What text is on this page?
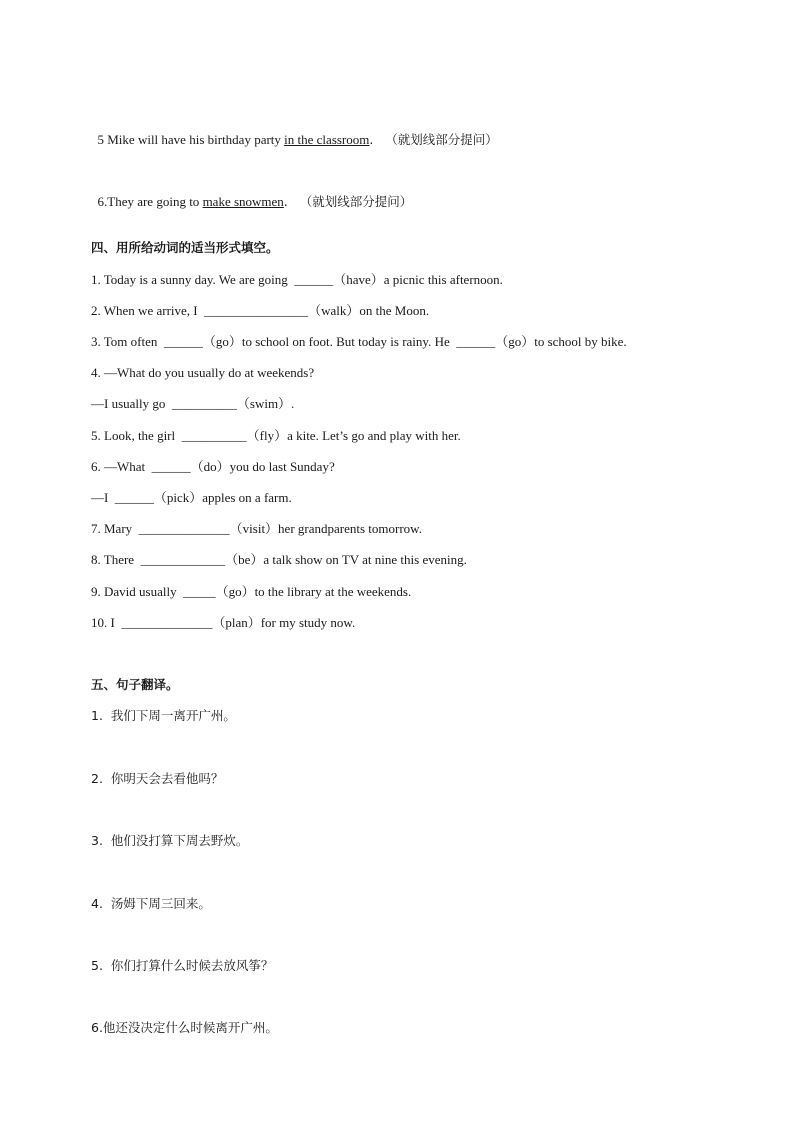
5 Mike will have his birthday party in the classroom.   （就划线部分提问）

6.They are going to make snowmen.   （就划线部分提问）

四、用所给动词的适当形式填空。
1. Today is a sunny day. We are going  ______（have）a picnic this afternoon.
2. When we arrive, I  ________________（walk）on the Moon.
3. Tom often  ______（go）to school on foot. But today is rainy. He  ______（go）to school by bike.
4. —What do you usually do at weekends?
—I usually go  __________（swim）.
5. Look, the girl  __________（fly）a kite. Let’s go and play with her.
6. —What  ______（do）you do last Sunday?
—I  ______（pick）apples on a farm.
7. Mary  ______________（visit）her grandparents tomorrow.
8. There  _____________（be）a talk show on TV at nine this evening.
9. David usually  _____（go）to the library at the weekends.
10. I  ______________（plan）for my study now.
五、句子翻译。
1.  我们下周一离开广州。
2.  你明天会去看他吗？
3.  他们没打算下周去野炊。
4.  汤姆下周三回来。
5.  你们打算什么时候去放风筝？
6.他还没决定什么时候离开广州。
